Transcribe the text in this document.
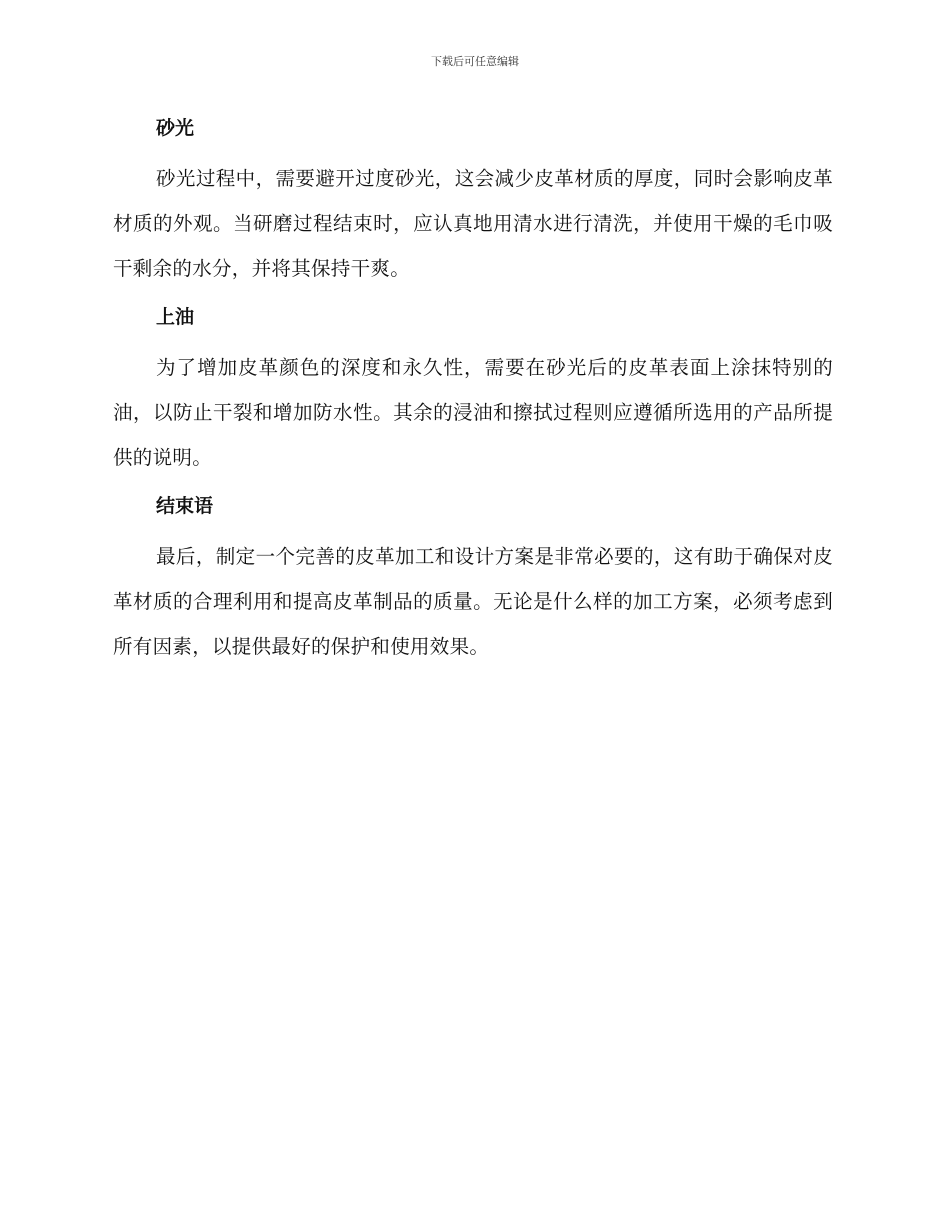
下载后可任意编辑
砂光

砂光过程中，需要避开过度砂光，这会减少皮革材质的厚度，同时会影响皮革材质的外观。当研磨过程结束时，应认真地用清水进行清洗，并使用干燥的毛巾吸干剩余的水分，并将其保持干爽。

上油

为了增加皮革颜色的深度和永久性，需要在砂光后的皮革表面上涂抹特别的油，以防止干裂和增加防水性。其余的浸油和擦拭过程则应遵循所选用的产品所提供的说明。

结束语

最后，制定一个完善的皮革加工和设计方案是非常必要的，这有助于确保对皮革材质的合理利用和提高皮革制品的质量。无论是什么样的加工方案，必须考虑到所有因素，以提供最好的保护和使用效果。
